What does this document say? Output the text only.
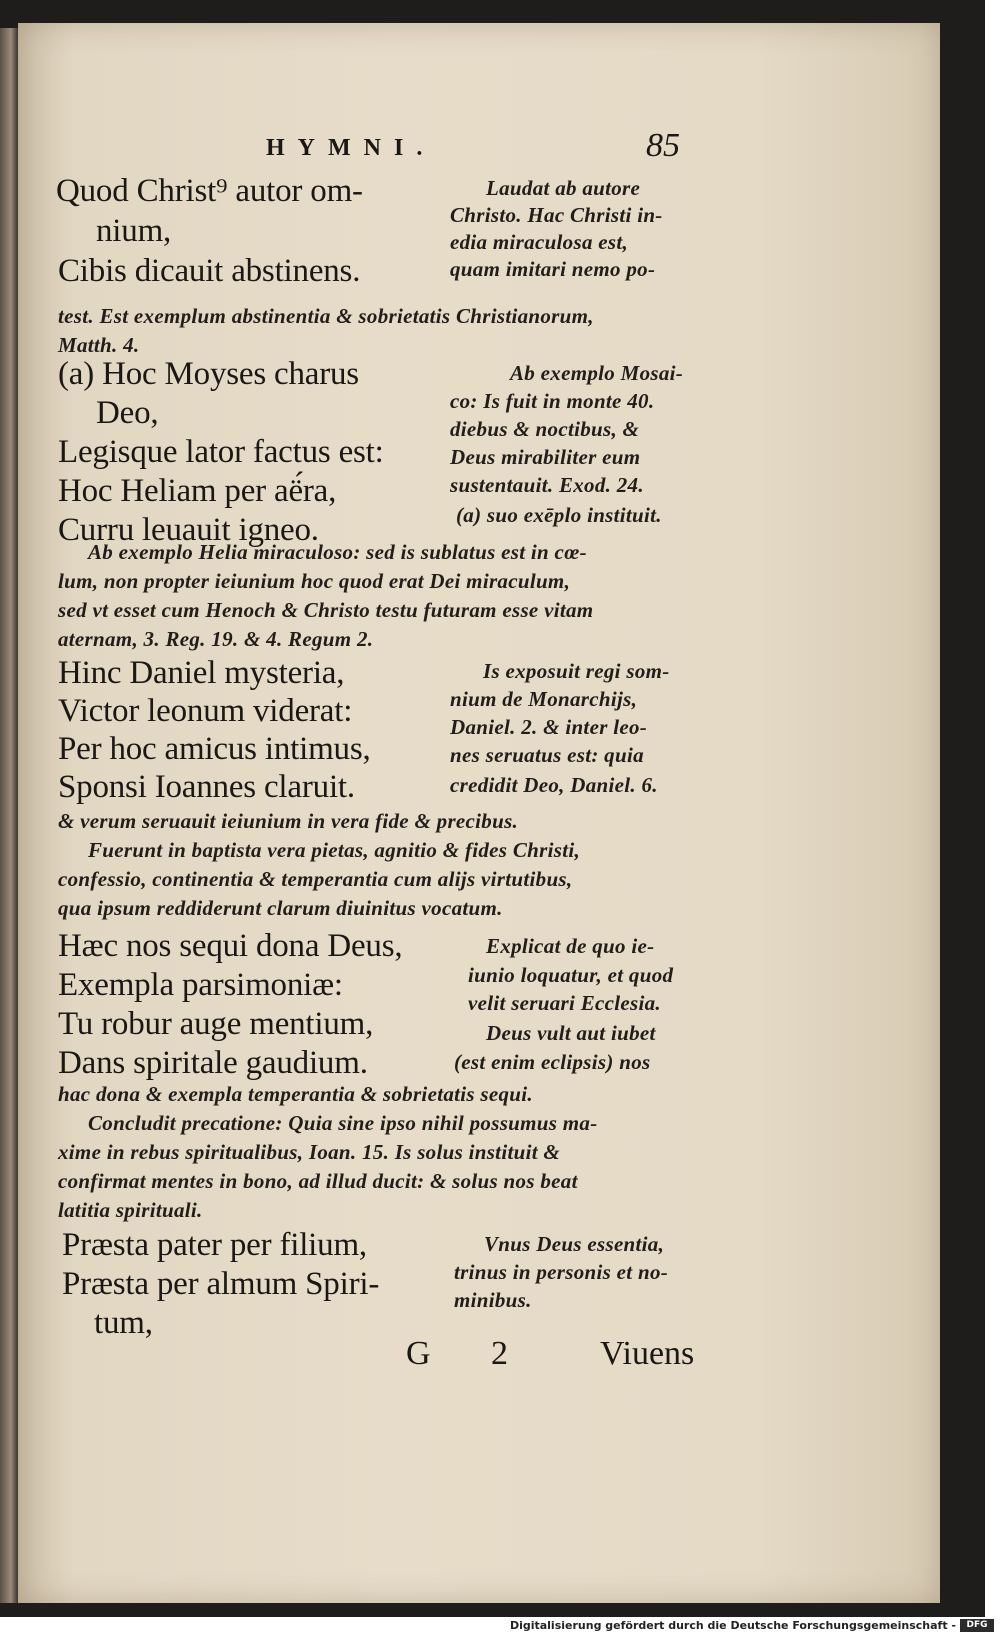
HYMNI.	85
Quod Christ⁹ autor om-
nium,
Cibis dicauit abstinens.
Laudat ab autore
Christo. Hac Christi in-
edia miraculosa est,
quam imitari nemo po-
test. Est exemplum abstinentia & sobrietatis Christianorum,
Matth. 4.
(a) Hoc Moyses charus
Deo,
Legisque lator factus est:
Hoc Heliam per aë́ra,
Curru leuauit igneo.
Ab exemplo Mosai-
co: Is fuit in monte 40.
diebus & noctibus, &
Deus mirabiliter eum
sustentauit. Exod. 24.
(a) suo exēplo instituit.
Ab exemplo Helia miraculoso: sed is sublatus est in cœ-
lum, non propter ieiunium hoc quod erat Dei miraculum,
sed vt esset cum Henoch & Christo testu futuram esse vitam
aternam, 3. Reg. 19. & 4. Regum 2.
Hinc Daniel mysteria,
Victor leonum viderat:
Per hoc amicus intimus,
Sponsi Ioannes claruit.
Is exposuit regi som-
nium de Monarchijs,
Daniel. 2. & inter leo-
nes seruatus est: quia
credidit Deo, Daniel. 6.
& verum seruauit ieiunium in vera fide & precibus.
Fuerunt in baptista vera pietas, agnitio & fides Christi,
confessio, continentia & temperantia cum alijs virtutibus,
qua ipsum reddiderunt clarum diuinitus vocatum.
Hæc nos sequi dona Deus,
Exempla parsimoniæ:
Tu robur auge mentium,
Dans spiritale gaudium.
Explicat de quo ie-
iunio loquatur, et quod
velit seruari Ecclesia.
Deus vult aut iubet
(est enim eclipsis) nos
hac dona & exempla temperantia & sobrietatis sequi.
Concludit precatione: Quia sine ipso nihil possumus ma-
xime in rebus spiritualibus, Ioan. 15. Is solus instituit &
confirmat mentes in bono, ad illud ducit: & solus nos beat
latitia spirituali.
Præsta pater per filium,
Præsta per almum Spiri-
tum,
Vnus Deus essentia,
trinus in personis et no-
minibus.
G 2 Viuens
Digitalisierung gefördert durch die Deutsche Forschungsgemeinschaft -	DFG
